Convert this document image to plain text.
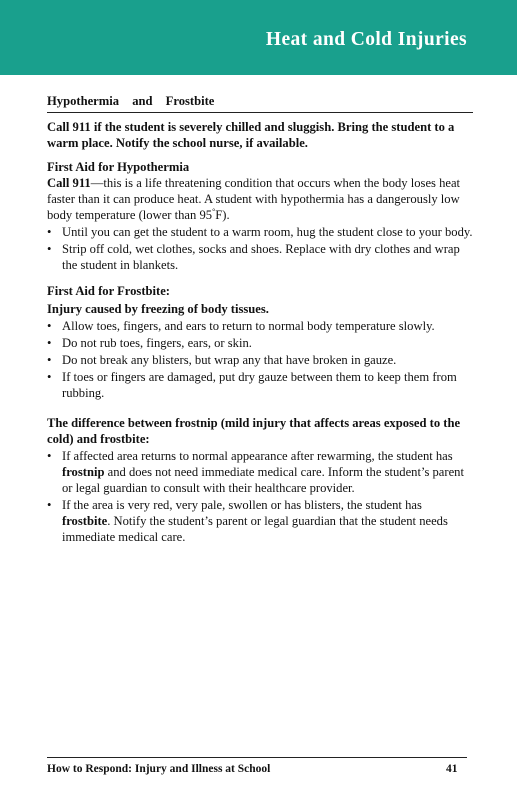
Heat and Cold Injuries
Hypothermia and Frostbite

Call 911 if the student is severely chilled and sluggish. Bring the student to a warm place. Notify the school nurse, if available.

First Aid for Hypothermia

Call 911—this is a life threatening condition that occurs when the body loses heat faster than it can produce heat. A student with hypothermia has a dangerously low body temperature (lower than 95°F).

• Until you can get the student to a warm room, hug the student close to your body.
• Strip off cold, wet clothes, socks and shoes. Replace with dry clothes and wrap the student in blankets.

First Aid for Frostbite:

Injury caused by freezing of body tissues.

• Allow toes, fingers, and ears to return to normal body temperature slowly.
• Do not rub toes, fingers, ears, or skin.
• Do not break any blisters, but wrap any that have broken in gauze.
• If toes or fingers are damaged, put dry gauze between them to keep them from rubbing.

The difference between frostnip (mild injury that affects areas exposed to the cold) and frostbite:

• If affected area returns to normal appearance after rewarming, the student has frostnip and does not need immediate medical care. Inform the student’s parent or legal guardian to consult with their healthcare provider.
• If the area is very red, very pale, swollen or has blisters, the student has frostbite. Notify the student’s parent or legal guardian that the student needs immediate medical care.
How to Respond: Injury and Illness at School	41
